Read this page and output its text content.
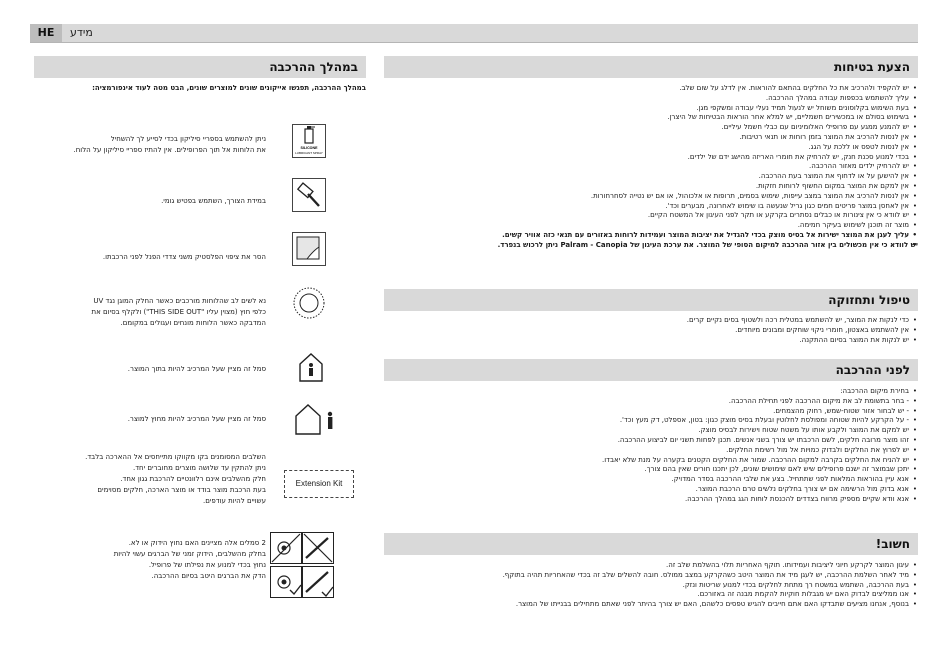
HE	מידע
הצעת בטיחות
• יש להקפיד ולהרכיב את כל החלקים בהתאם להוראות. אין לדלג על שום שלב.
• עליך להשתמש בכפפות עבודה במהלך ההרכבה.
• בעת השימוש בקלוסונים משוחל יש לנעול תמיד נעלי עבודה ומשקפי מגן.
• בשימוש בסולם או במכשירים חשמליים, יש למלא אחר הוראות הבטיחות של היצרן.
• יש להמנע ממגע עם פרופילי האלומיניום עם כבלי חשמל עיליים.
• אין לנסות להרכיב את המוצר בזמן רוחות או תנאי רטיבות.
• אין לנסות לטפס או ללכת על הגג.
• בכדי למנוע סכנת חנק, יש להרחיק את חומרי האריזה מהישג ידם של ילדים.
• יש להרחיק ילדים מאזור ההרכבה.
• אין להישען על או לדחוף את המוצר בעת ההרכבה.
• אין למקם את המוצר במקום החשוף לרוחות חזקות.
• אין לנסות להרכיב את המוצר במצב עייפות, שימוש בסמים, תרופות או אלכוהול, או אם יש נטייה לסחרחורות.
• אין לאחסן במוצר פריטים חמים כגון גריל שנעשה בו שימוש לאחרונה, מבערים וכד'.
• יש לוודא כי אין צינורות או כבלים נסתרים בקרקע או תקר לפני העיגון אל המשטח הקיים.
• מוצר זה תוכנן לשימוש בעיקר חמימה.
• עליך לעגן את המוצר ישירות אל בסיס מוצק בכדי להגדיל את יציבות המוצר ועמידות לרוחות באזורים עם תנאי כזה אוויר קשים.
• יש לוודא כי אין מכשולים בין אזור ההרכבה למיקום הסופי של המוצר. את ערכת העיגון של Palram - Canopia ניתן לרכוש בנפרד.
טיפול ותחזוקה
• כדי לנקות את המוצר, יש להשתמש במטלית רכה ולשטוף בסים נקיים קרים.
• אין להשתמש באצטון, חומרי ניקוי שוחקים ומבונים מיוחדים.
• יש לנקות את המוצר בסיום ההתקנה.
לפני ההרכבה
• בחירת מיקום ההרכבה:
• - בחר בתשומת לב את מיקום ההרכבה לפני תחילת ההרכבה.
• - יש לבחור אזור שטוח-שמש, רחוק מהצמחים.
• - על הקרקע להיות שטוחה ומפולסת לחלוטין ובעלת בסיס מוצק כגון: בטון, אספלט, דק מעץ וכד'.
• יש למקם את המוצר ולקבע אותו על משטח שטוח וישירות לבסיס מוצק.
• זהו מוצר מרובה חלקים, לשם הרכבתו יש צורך בשני אנשים. תכנן לפחות תשני יום לביצוע ההרכבה.
• יש לפרוץ את החלקים ולבדוק כמויות אל מול רשימת החלקים.
• יש להניח את החלקים בקרבה למקום ההרכבה. שמור את החלקים הקטנים בקערה על מנת שלא יאבדו.
• יתכן שבמוצר זה ישנם פרופילים שיש לאם שימושים שונים, לכן יתכנו חורים שאין בהם צורך.
• אנא עיין בהוראות המלאות לפני שתתחיל. בצע את שלבי ההרכבה בסדר המדויק.
• אנא בדוק מול הרשימה אם יש צורך בחלקים נלשים טרם הרכבת המוצר.
• אנא וודא שקיים מספיק מרווח בצדדים להכנסת לוחות הגג במהלך ההרכבה.
חשוב!
• עיגון המוצר לקרקע חיוני ליציבות ועמידותו. תוקף האחריות תלוי בהשלמת שלב זה.
• מיד לאחר השלמת ההרכבה, יש לעגן מיד את המוצר היטב כשהקרקע במצב ממולס. חובה להשלים שלב זה בכדי שהאחריות תהיה בתוקף.
• בעת ההרכבה, השתמש במשטח רך מתחת לחלקים בכדי למנוע שריטות ונזק.
• אנו ממליצים לבדוק האם יש מגבלות חוקיות להקמת מבנה זה באזורכם.
• בנוסף, אנחנו מציעים שתבדקו האם אתם חייבים להגיש טפסים כלשהם, האם יש צורך בהיתר לפני שאתם מתחילים בבנייתו של המוצר.
במהלך ההרכבה
במהלך ההרכבה, תפגשו אייקונים שונים למוצרים שונים, הבט מטה לעוד אינפורמציה:
SILICONE
LUBRICANT SPRAY
ניתן להשתמש בספריי סיליקון בכדי לסייע לך להשחיל
את הלוחות אל תוך הפרופילים. אין להתיז ספריי סיליקון על הלוח.
במידת הצורך, השתמש בפטיש גומי.
הסר את ציפוי הפלסטיק משני צדדי הפנל לפני הרכבתו.
נא לשים לב שהלוחות מורכבים כאשר החלק המוגן נגד UV
כלפי חוץ (מצוין עליו "THIS SIDE OUT") ולקלף בסיום את
המדבקה כאשר הלוחות מונחים ועגולים במקומם.
סמל זה מציין שעל המרכיב להיות בתוך המוצר.
סמל זה מציין שעל המרכיב להיות מחוץ למוצר.
Extension Kit
השלבים המסומנים בקו מקווקו מתייחסים אל ההארכה בלבד.
ניתן להתקין עד שלושה מוצרים מחוברים יחד.
חלק מהשלבים אינם רלוונטיים להרכבת גגון אחד.
בעת הרכבת מוצר בודד או מוצר הארכה, חלקים מסוימים
עשויים להיות עודפים.
2 סמלים אלה מציינים האם נחוץ הידוק או לא.
בחלק מהשלבים, הידוק זמני של הברגים עשוי להיות
נחוץ בכדי למנוע את נפילתו של פרופיל.
הדק את הברגים היטב בסיום ההרכבה.
